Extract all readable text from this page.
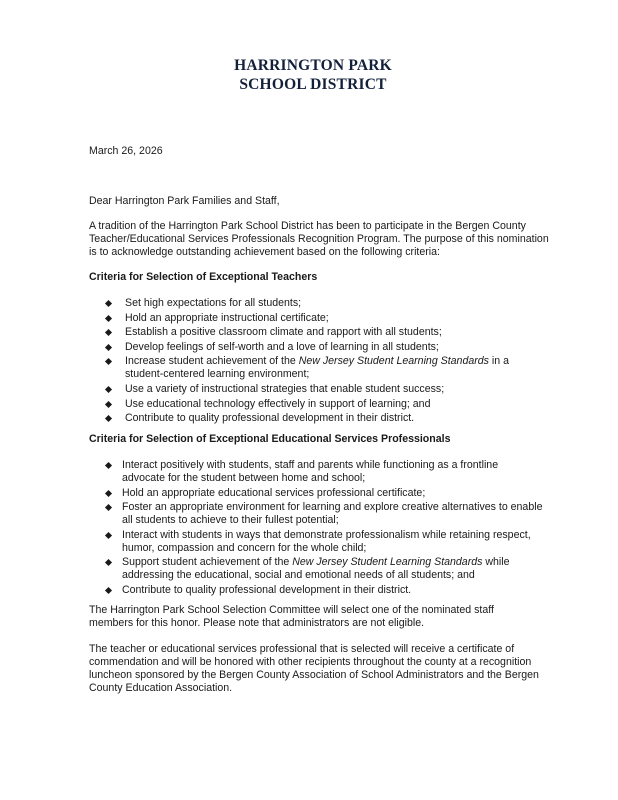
HARRINGTON PARK
SCHOOL DISTRICT
March 26, 2026
Dear Harrington Park Families and Staff,
A tradition of the Harrington Park School District has been to participate in the Bergen County Teacher/Educational Services Professionals Recognition Program. The purpose of this nomination is to acknowledge outstanding achievement based on the following criteria:
Criteria for Selection of Exceptional Teachers
Set high expectations for all students;
Hold an appropriate instructional certificate;
Establish a positive classroom climate and rapport with all students;
Develop feelings of self-worth and a love of learning in all students;
Increase student achievement of the New Jersey Student Learning Standards in a student-centered learning environment;
Use a variety of instructional strategies that enable student success;
Use educational technology effectively in support of learning; and
Contribute to quality professional development in their district.
Criteria for Selection of Exceptional Educational Services Professionals
Interact positively with students, staff and parents while functioning as a frontline advocate for the student between home and school;
Hold an appropriate educational services professional certificate;
Foster an appropriate environment for learning and explore creative alternatives to enable all students to achieve to their fullest potential;
Interact with students in ways that demonstrate professionalism while retaining respect, humor, compassion and concern for the whole child;
Support student achievement of the New Jersey Student Learning Standards while addressing the educational, social and emotional needs of all students; and
Contribute to quality professional development in their district.
The Harrington Park School Selection Committee will select one of the nominated staff members for this honor. Please note that administrators are not eligible.
The teacher or educational services professional that is selected will receive a certificate of commendation and will be honored with other recipients throughout the county at a recognition luncheon sponsored by the Bergen County Association of School Administrators and the Bergen County Education Association.
